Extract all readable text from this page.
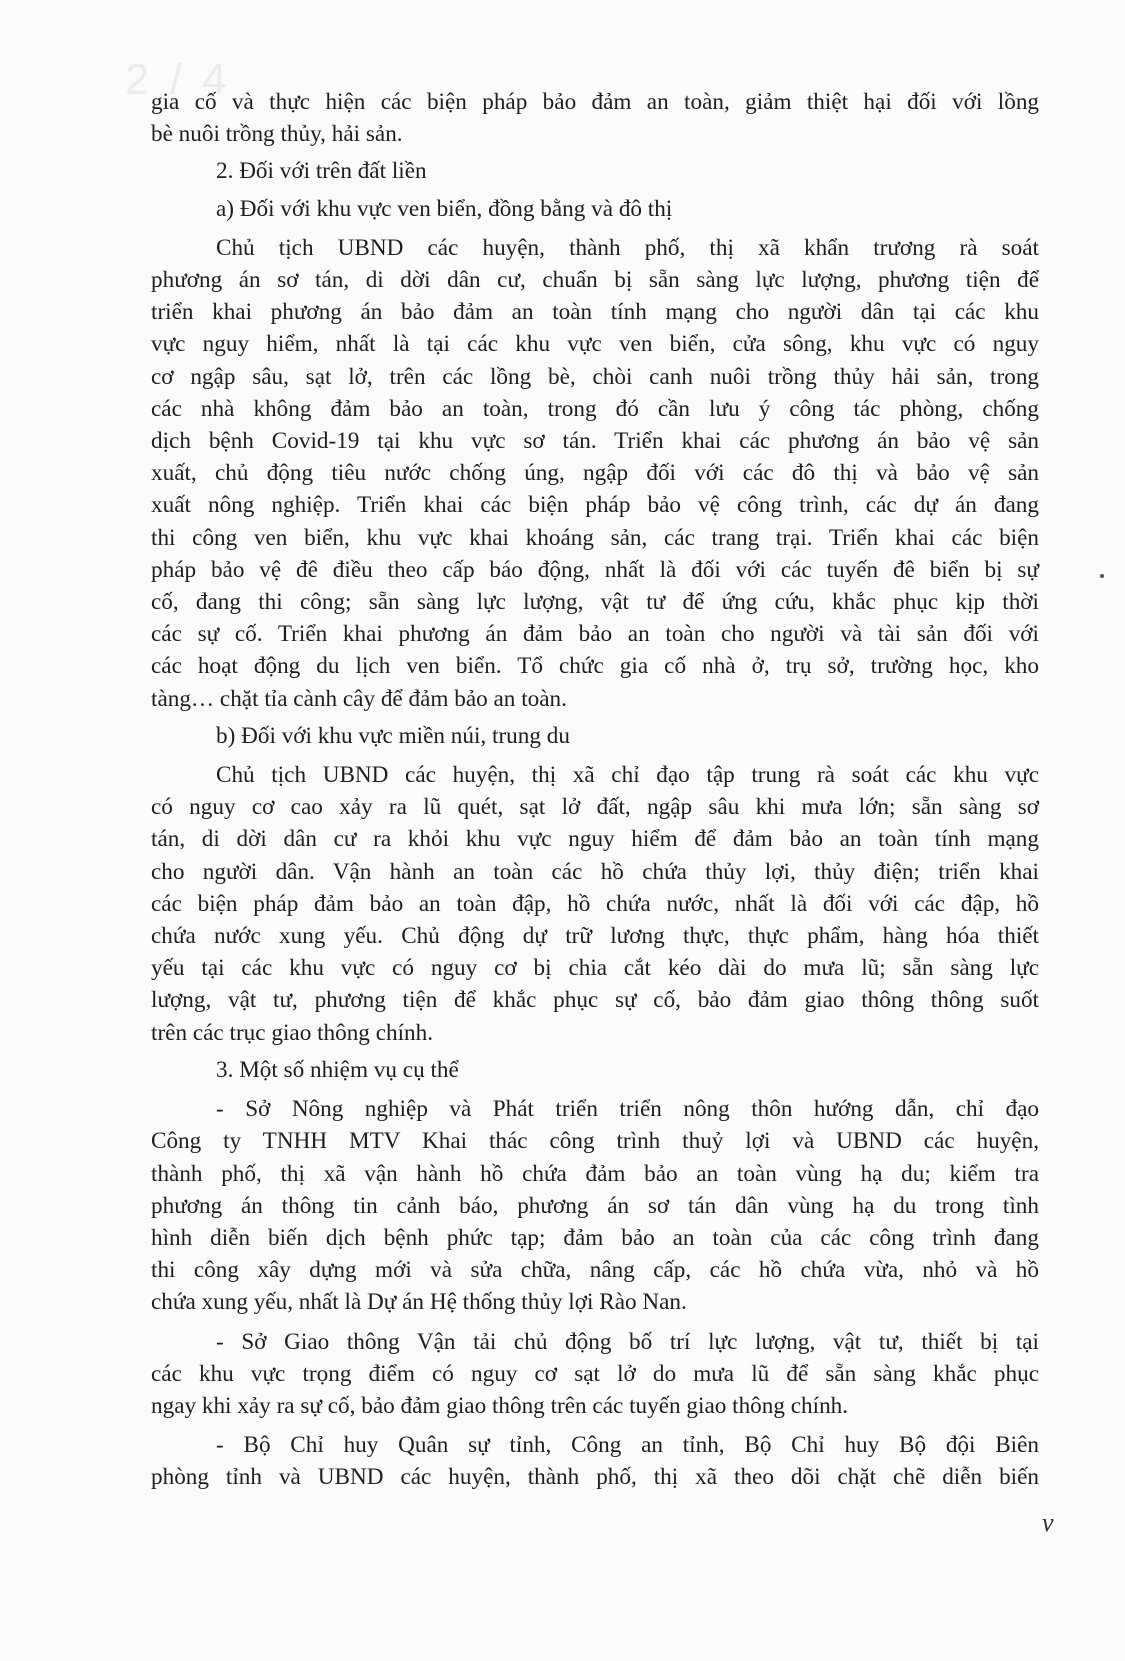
2 / 4

gia cố và thực hiện các biện pháp bảo đảm an toàn, giảm thiệt hại đối với lồng

bè nuôi trồng thủy, hải sản.

2. Đối với trên đất liền

a) Đối với khu vực ven biển, đồng bằng và đô thị

Chủ tịch UBND các huyện, thành phố, thị xã khẩn trương rà soát

phương án sơ tán, di dời dân cư, chuẩn bị sẵn sàng lực lượng, phương tiện để

triển khai phương án bảo đảm an toàn tính mạng cho người dân tại các khu

vực nguy hiểm, nhất là tại các khu vực ven biển, cửa sông, khu vực có nguy

cơ ngập sâu, sạt lở, trên các lồng bè, chòi canh nuôi trồng thủy hải sản, trong

các nhà không đảm bảo an toàn, trong đó cần lưu ý công tác phòng, chống

dịch bệnh Covid-19 tại khu vực sơ tán. Triển khai các phương án bảo vệ sản

xuất, chủ động tiêu nước chống úng, ngập đối với các đô thị và bảo vệ sản

xuất nông nghiệp. Triển khai các biện pháp bảo vệ công trình, các dự án đang

thi công ven biển, khu vực khai khoáng sản, các trang trại. Triển khai các biện

pháp bảo vệ đê điều theo cấp báo động, nhất là đối với các tuyến đê biển bị sự

cố, đang thi công; sẵn sàng lực lượng, vật tư để ứng cứu, khắc phục kịp thời

các sự cố. Triển khai phương án đảm bảo an toàn cho người và tài sản đối với

các hoạt động du lịch ven biển. Tổ chức gia cố nhà ở, trụ sở, trường học, kho

tàng… chặt tỉa cành cây để đảm bảo an toàn.

b) Đối với khu vực miền núi, trung du

Chủ tịch UBND các huyện, thị xã chỉ đạo tập trung rà soát các khu vực

có nguy cơ cao xảy ra lũ quét, sạt lở đất, ngập sâu khi mưa lớn; sẵn sàng sơ

tán, di dời dân cư ra khỏi khu vực nguy hiểm để đảm bảo an toàn tính mạng

cho người dân. Vận hành an toàn các hồ chứa thủy lợi, thủy điện; triển khai

các biện pháp đảm bảo an toàn đập, hồ chứa nước, nhất là đối với các đập, hồ

chứa nước xung yếu. Chủ động dự trữ lương thực, thực phẩm, hàng hóa thiết

yếu tại các khu vực có nguy cơ bị chia cắt kéo dài do mưa lũ; sẵn sàng lực

lượng, vật tư, phương tiện để khắc phục sự cố, bảo đảm giao thông thông suốt

trên các trục giao thông chính.

3. Một số nhiệm vụ cụ thể

- Sở Nông nghiệp và Phát triển triển nông thôn hướng dẫn, chỉ đạo

Công ty TNHH MTV Khai thác công trình thuỷ lợi và UBND các huyện,

thành phố, thị xã vận hành hồ chứa đảm bảo an toàn vùng hạ du; kiểm tra

phương án thông tin cảnh báo, phương án sơ tán dân vùng hạ du trong tình

hình diễn biến dịch bệnh phức tạp; đảm bảo an toàn của các công trình đang

thi công xây dựng mới và sửa chữa, nâng cấp, các hồ chứa vừa, nhỏ và hồ

chứa xung yếu, nhất là Dự án Hệ thống thủy lợi Rào Nan.

- Sở Giao thông Vận tải chủ động bố trí lực lượng, vật tư, thiết bị tại

các khu vực trọng điểm có nguy cơ sạt lở do mưa lũ để sẵn sàng khắc phục

ngay khi xảy ra sự cố, bảo đảm giao thông trên các tuyến giao thông chính.

- Bộ Chỉ huy Quân sự tỉnh, Công an tỉnh, Bộ Chỉ huy Bộ đội Biên

phòng tỉnh và UBND các huyện, thành phố, thị xã theo dõi chặt chẽ diễn biến

ν
